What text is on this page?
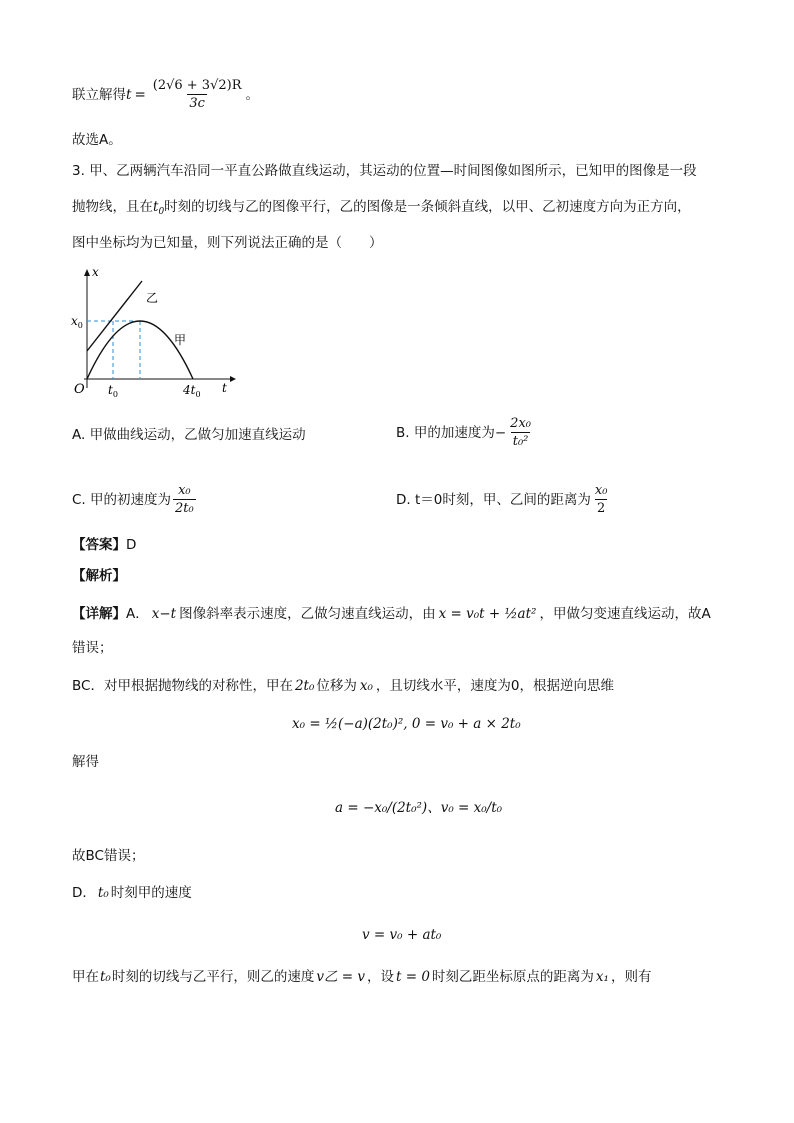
联立解得$t = \frac{(2√6 + 3√2)R}{3c}$ 。
故选A。
3. 甲、乙两辆汽车沿同一平直公路做直线运动，其运动的位置—时间图像如图所示，已知甲的图像是一段
抛物线，且在$t_0$时刻的切线与乙的图像平行，乙的图像是一条倾斜直线，以甲、乙初速度方向为正方向，
图中坐标均为已知量，则下列说法正确的是（　　）
x
t
O
$x_0$
$t_0$	$4t_0$
乙
甲
A. 甲做曲线运动，乙做匀加速直线运动	B. 甲的加速度为− $\frac{\text{2x₀}}{\text{t₀²}}$
C. 甲的初速度为 $\frac{\text{x₀}}{\text{2t₀}}$	D. t＝0时刻，甲、乙间的距离为 $\frac{\text{x₀}}{2}$
【答案】D
【解析】
【详解】A． x−t 图像斜率表示速度，乙做匀速直线运动，由 x = v₀t + ½at² ，甲做匀变速直线运动，故A
错误；
BC．对甲根据抛物线的对称性，甲在 2t₀ 位移为 x₀ ，且切线水平，速度为0，根据逆向思维
x₀ = ½(−a)(2t₀)², 0 = v₀ + a × 2t₀
解得
a = −x₀/(2t₀²)、v₀ = x₀/t₀
故BC错误；
D． t₀ 时刻甲的速度
v = v₀ + at₀
甲在t₀时刻的切线与乙平行，则乙的速度 v乙 = v ，设 t = 0 时刻乙距坐标原点的距离为 x₁ ，则有
